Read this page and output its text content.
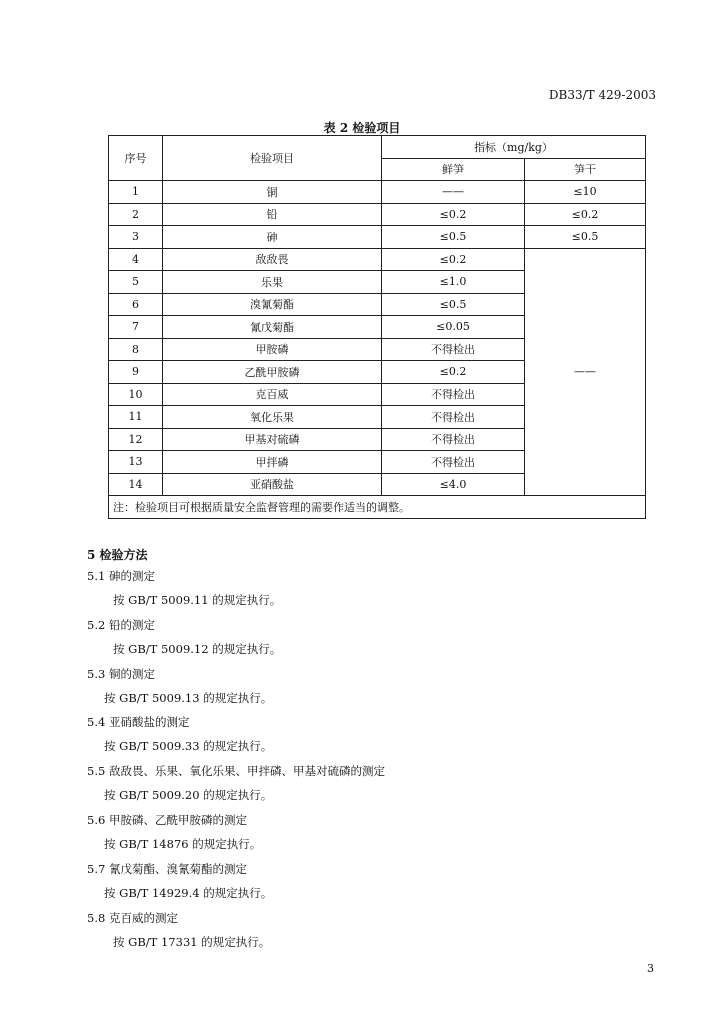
DB33/T 429-2003
表 2 检验项目
序号	检验项目	指标（mg/kg）	
		鲜笋	笋干
1	铜	——	≤10
2	铅	≤0.2	≤0.2
3	砷	≤0.5	≤0.5
4	敌敌畏	≤0.2	——
5	乐果	≤1.0	
6	溴氰菊酯	≤0.5	
7	氰戊菊酯	≤0.05	
8	甲胺磷	不得检出	
9	乙酰甲胺磷	≤0.2	
10	克百威	不得检出	
11	氧化乐果	不得检出	
12	甲基对硫磷	不得检出	
13	甲拌磷	不得检出	
14	亚硝酸盐	≤4.0	
注：检验项目可根据质量安全监督管理的需要作适当的调整。			
5 检验方法
5.1 砷的测定
按 GB/T 5009.11 的规定执行。
5.2 铅的测定
按 GB/T 5009.12 的规定执行。
5.3 铜的测定
按 GB/T 5009.13 的规定执行。
5.4 亚硝酸盐的测定
按 GB/T 5009.33 的规定执行。
5.5 敌敌畏、乐果、氧化乐果、甲拌磷、甲基对硫磷的测定
按 GB/T 5009.20 的规定执行。
5.6 甲胺磷、乙酰甲胺磷的测定
按 GB/T 14876 的规定执行。
5.7 氰戊菊酯、溴氰菊酯的测定
按 GB/T 14929.4 的规定执行。
5.8 克百威的测定
按 GB/T 17331 的规定执行。
3
